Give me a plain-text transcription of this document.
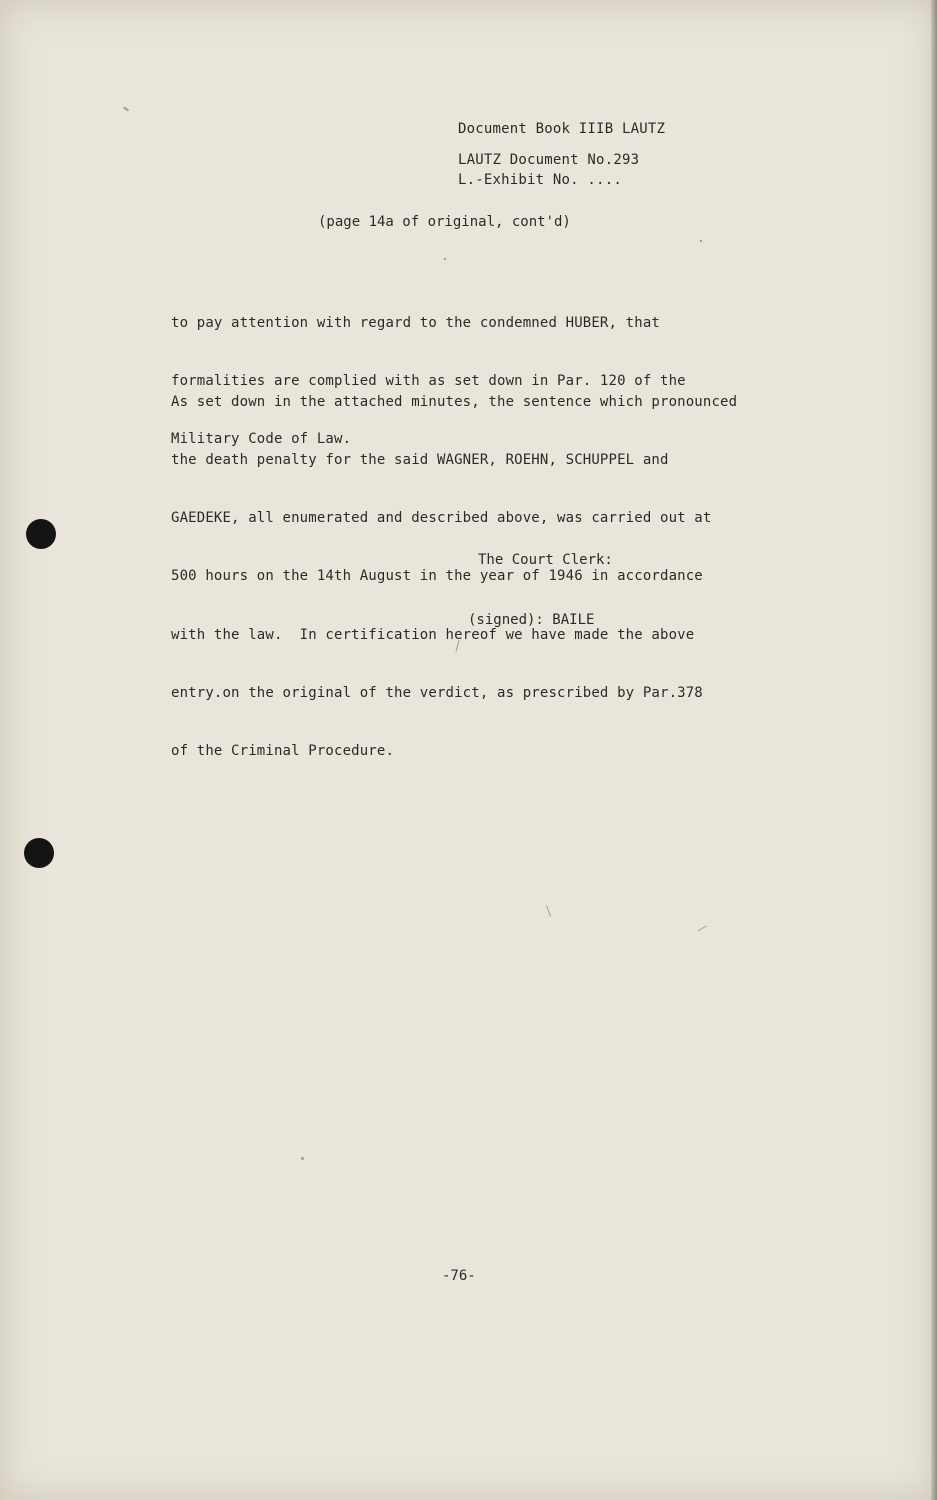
Document Book IIIB LAUTZ
LAUTZ Document No.293
L.-Exhibit No. ....
(page 14a of original, cont'd)

to pay attention with regard to the condemned HUBER, that

formalities are complied with as set down in Par. 120 of the

Military Code of Law.

As set down in the attached minutes, the sentence which pronounced

the death penalty for the said WAGNER, ROEHN, SCHUPPEL and

GAEDEKE, all enumerated and described above, was carried out at

500 hours on the 14th August in the year of 1946 in accordance

with the law.  In certification hereof we have made the above

entry.on the original of the verdict, as prescribed by Par.378

of the Criminal Procedure.

The Court Clerk:

(signed): BAILE

-76-
